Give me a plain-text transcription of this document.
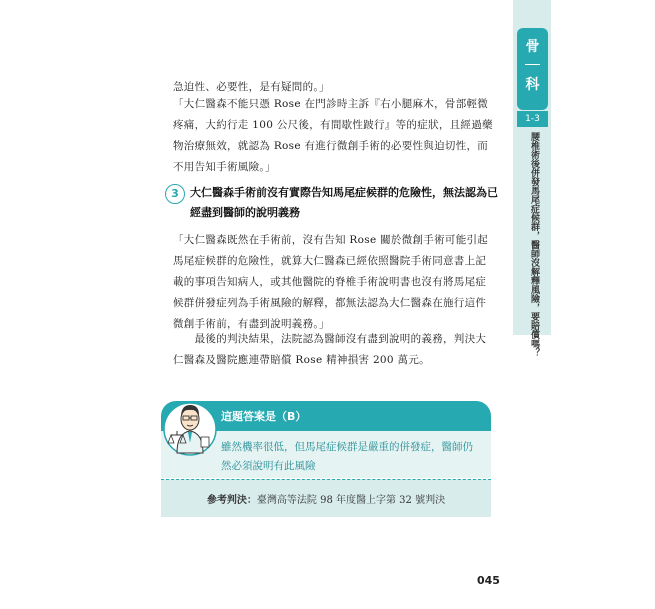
骨
科
1-3
腰椎術後併發馬尾症候群，醫師沒解釋風險，要賠償嗎？
急迫性、必要性，是有疑問的。」
「大仁醫森不能只憑 Rose 在門診時主訴『右小腿麻木，骨部輕微疼痛，大約行走 100 公尺後，有間歇性跛行』等的症狀，且經過藥物治療無效，就認為 Rose 有進行微創手術的必要性與迫切性，而不用告知手術風險。」
3	大仁醫森手術前沒有實際告知馬尾症候群的危險性，無法認為已經盡到醫師的說明義務
「大仁醫森既然在手術前，沒有告知 Rose 關於微創手術可能引起馬尾症候群的危險性，就算大仁醫森已經依照醫院手術同意書上記載的事項告知病人，或其他醫院的脊椎手術說明書也沒有將馬尾症候群併發症列為手術風險的解釋，都無法認為大仁醫森在施行這件微創手術前，有盡到說明義務。」
　　最後的判決結果，法院認為醫師沒有盡到說明的義務，判決大仁醫森及醫院應連帶賠償 Rose 精神損害 200 萬元。
這題答案是（B）
雖然機率很低，但馬尾症候群是嚴重的併發症，醫師仍然必須說明有此風險
參考判決：臺灣高等法院 98 年度醫上字第 32 號判決
045
